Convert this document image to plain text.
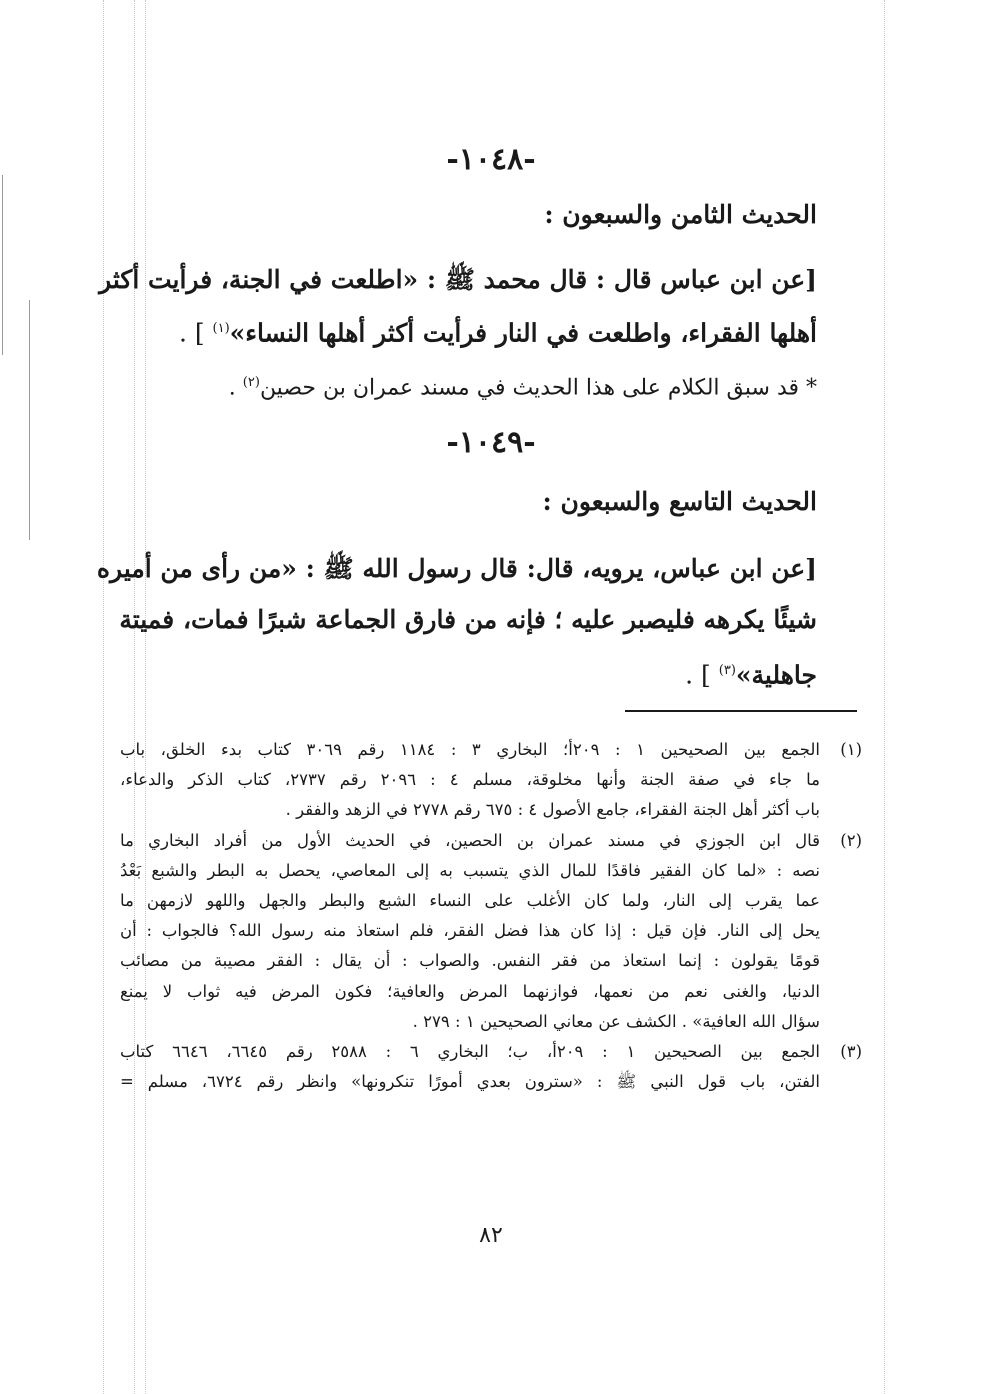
-١٠٤٨-
الحديث الثامن والسبعون :
[عن ابن عباس قال : قال محمد ﷺ : «اطلعت في الجنة، فرأيت أكثر
أهلها الفقراء، واطلعت في النار فرأيت أكثر أهلها النساء»$^{(١)}$ ] .
* قد سبق الكلام على هذا الحديث في مسند عمران بن حصين$^{(٢)}$ .
-١٠٤٩-
الحديث التاسع والسبعون :
[عن ابن عباس، يرويه، قال: قال رسول الله ﷺ : «من رأى من أميره
شيئًا يكرهه فليصبر عليه ؛ فإنه من فارق الجماعة شبرًا فمات، فميتة
جاهلية»$^{(٣)}$ ] .
(١)
الجمع بين الصحيحين ١ : ٢٠٩أ؛ البخاري ٣ : ١١٨٤ رقم ٣٠٦٩ كتاب بدء الخلق، باب
ما جاء في صفة الجنة وأنها مخلوقة، مسلم ٤ : ٢٠٩٦ رقم ٢٧٣٧، كتاب الذكر والدعاء،
باب أكثر أهل الجنة الفقراء، جامع الأصول ٤ : ٦٧٥ رقم ٢٧٧٨ في الزهد والفقر .
(٢)
قال ابن الجوزي في مسند عمران بن الحصين، في الحديث الأول من أفراد البخاري ما
نصه : «لما كان الفقير فاقدًا للمال الذي يتسبب به إلى المعاصي، يحصل به البطر والشبع بَعْدُ
عما يقرب إلى النار، ولما كان الأغلب على النساء الشبع والبطر والجهل واللهو لازمهن ما
يحل إلى النار. فإن قيل : إذا كان هذا فضل الفقر، فلم استعاذ منه رسول الله؟ فالجواب : أن
قومًا يقولون : إنما استعاذ من فقر النفس. والصواب : أن يقال : الفقر مصيبة من مصائب
الدنيا، والغنى نعم من نعمها، فوازنهما المرض والعافية؛ فكون المرض فيه ثواب لا يمنع
سؤال الله العافية» . الكشف عن معاني الصحيحين ١ : ٢٧٩ .
(٣)
الجمع بين الصحيحين ١ : ٢٠٩أ، ب؛ البخاري ٦ : ٢٥٨٨ رقم ٦٦٤٥، ٦٦٤٦ كتاب
الفتن، باب قول النبي ﷺ : «سترون بعدي أمورًا تنكرونها» وانظر رقم ٦٧٢٤، مسلم =
٨٢
